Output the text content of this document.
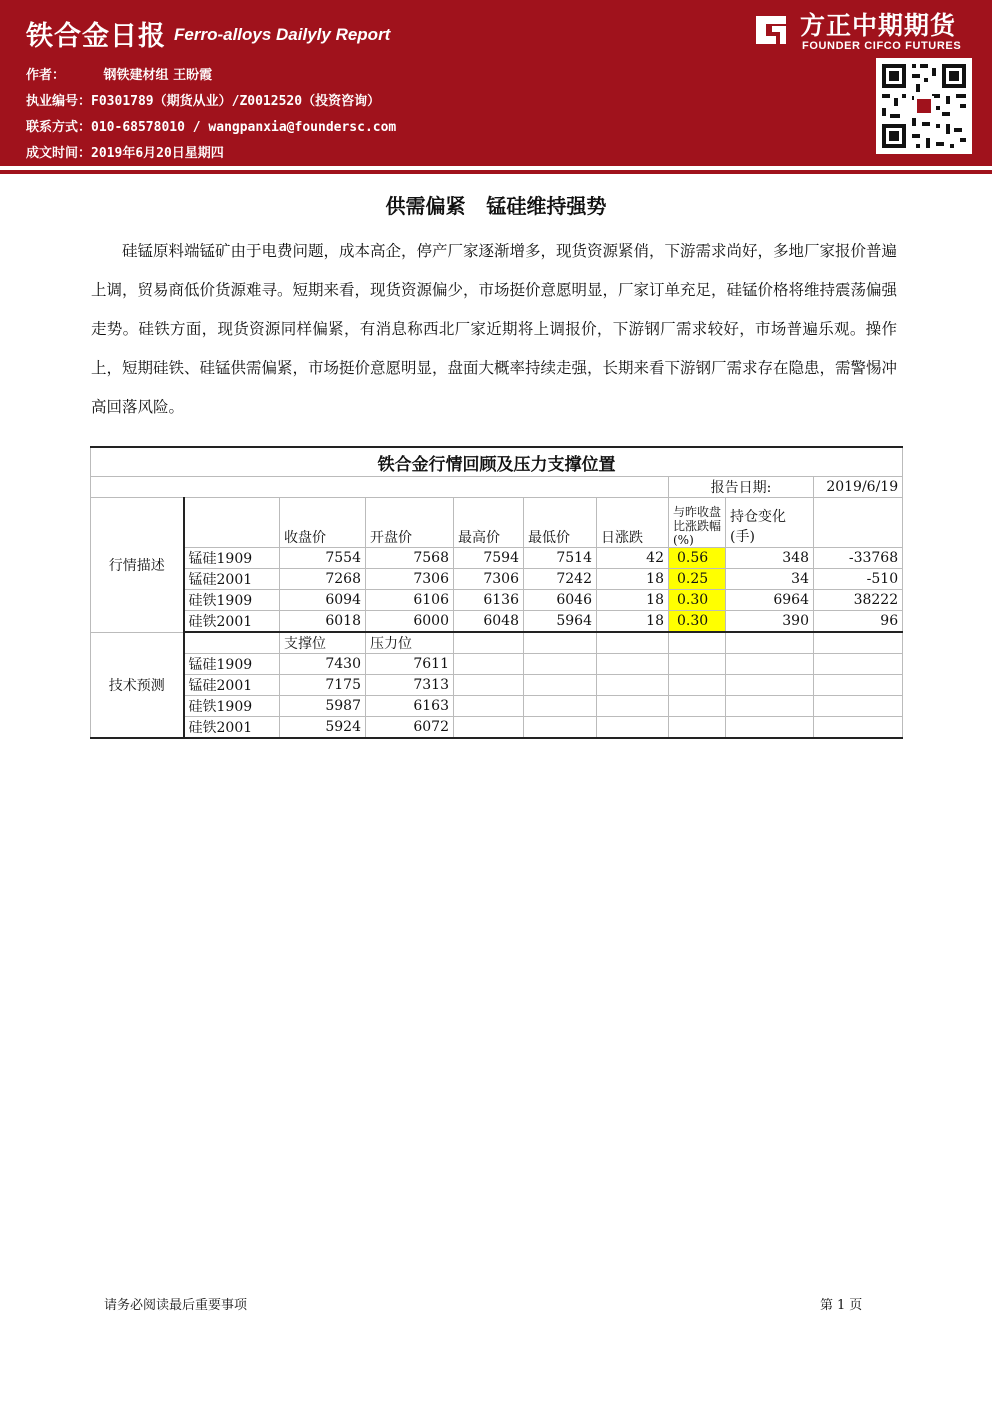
铁合金日报 Ferro-alloys Dailyly Report	方正中期期货
FOUNDER CIFCO FUTURES
作者：	钢铁建材组 王盼霞
执业编号：F0301789（期货从业）/Z0012520（投资咨询）
联系方式：010-68578010 / wangpanxia@foundersc.com
成文时间：2019年6月20日星期四
供需偏紧   锰硅维持强势
硅锰原料端锰矿由于电费问题，成本高企，停产厂家逐渐增多，现货资源紧俏，下游需求尚好，多地厂家报价普遍上调，贸易商低价货源难寻。短期来看，现货资源偏少，市场挺价意愿明显，厂家订单充足，硅锰价格将维持震荡偏强走势。硅铁方面，现货资源同样偏紧，有消息称西北厂家近期将上调报价，下游钢厂需求较好，市场普遍乐观。操作上，短期硅铁、硅锰供需偏紧，市场挺价意愿明显，盘面大概率持续走强，长期来看下游钢厂需求存在隐患，需警惕冲高回落风险。
铁合金行情回顾及压力支撑位置									
							报告日期:		2019/6/19
行情描述		收盘价	开盘价	最高价	最低价	日涨跌	与昨收盘比涨跌幅(%)	持仓变化(手)	
	锰硅1909	7554	7568	7594	7514	42	0.56	348	-33768
	锰硅2001	7268	7306	7306	7242	18	0.25	34	-510
	硅铁1909	6094	6106	6136	6046	18	0.30	6964	38222
	硅铁2001	6018	6000	6048	5964	18	0.30	390	96
技术预测		支撑位	压力位						
	锰硅1909	7430	7611						
	锰硅2001	7175	7313						
	硅铁1909	5987	6163						
	硅铁2001	5924	6072						
请务必阅读最后重要事项	第 1 页
